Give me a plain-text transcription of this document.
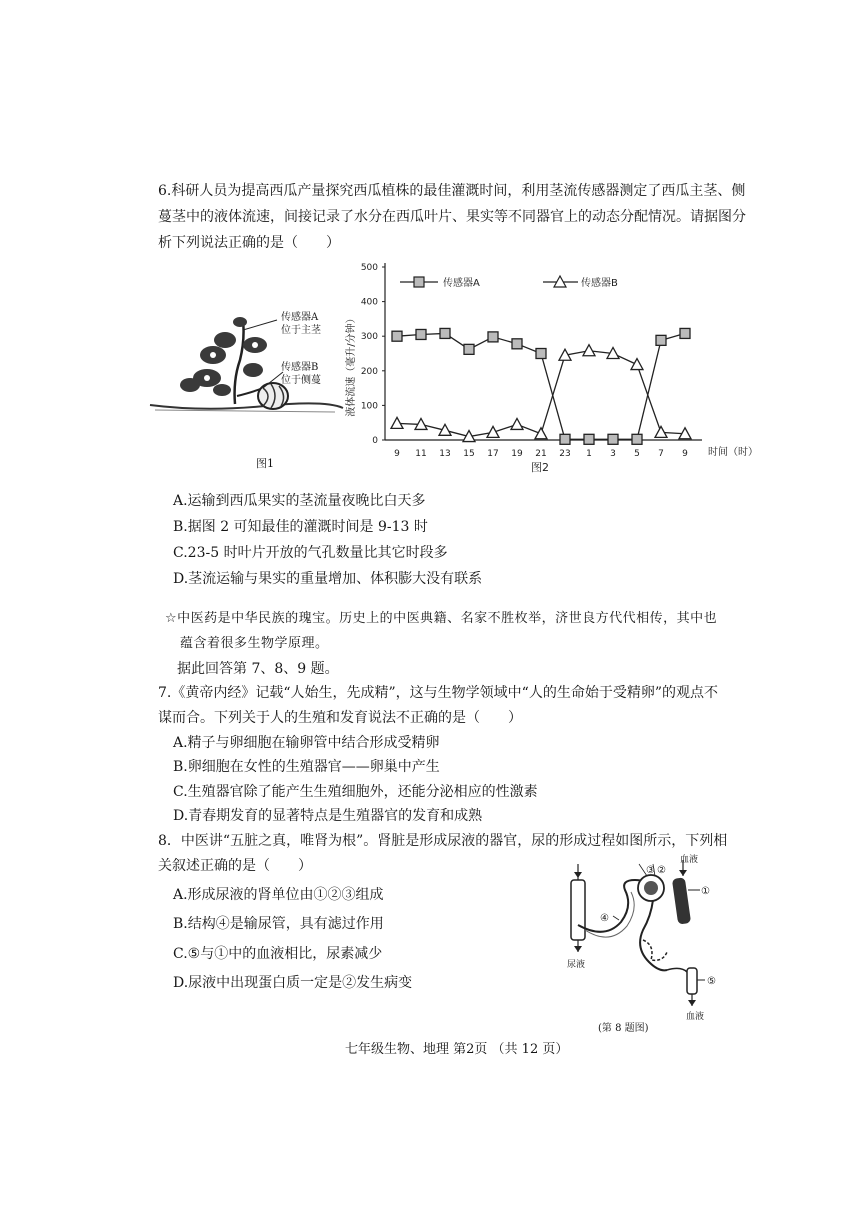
6.科研人员为提高西瓜产量探究西瓜植株的最佳灌溉时间，利用茎流传感器测定了西瓜主茎、侧
蔓茎中的液体流速，间接记录了水分在西瓜叶片、果实等不同器官上的动态分配情况。请据图分
析下列说法正确的是（　　）
传感器A
位于主茎
传感器B
位于侧蔓
图1
0
100
200
300
400
500
9 11 13 15 17 19 21 23 1 3 5 7 9
传感器A	传感器B
液体流速（毫升/分钟）
时间（时）
图2
A.运输到西瓜果实的茎流量夜晚比白天多
B.据图 2 可知最佳的灌溉时间是 9-13 时
C.23-5 时叶片开放的气孔数量比其它时段多
D.茎流运输与果实的重量增加、体积膨大没有联系
☆中医药是中华民族的瑰宝。历史上的中医典籍、名家不胜枚举，济世良方代代相传，其中也
蕴含着很多生物学原理。
据此回答第 7、8、9 题。
7.《黄帝内经》记载“人始生，先成精”，这与生物学领域中“人的生命始于受精卵”的观点不
谋而合。下列关于人的生殖和发育说法不正确的是（　　）
A.精子与卵细胞在输卵管中结合形成受精卵
B.卵细胞在女性的生殖器官——卵巢中产生
C.生殖器官除了能产生生殖细胞外，还能分泌相应的性激素
D.青春期发育的显著特点是生殖器官的发育和成熟
8．中医讲“五脏之真，唯肾为根”。肾脏是形成尿液的器官，尿的形成过程如图所示，下列相
关叙述正确的是（　　）
A.形成尿液的肾单位由①②③组成
B.结构④是输尿管，具有滤过作用
C.⑤与①中的血液相比，尿素减少
D.尿液中出现蛋白质一定是②发生病变
血液
③ ②
①
④
⑤
尿液
血液
(第 8 题图)
七年级生物、地理 第2页 （共 12 页）
